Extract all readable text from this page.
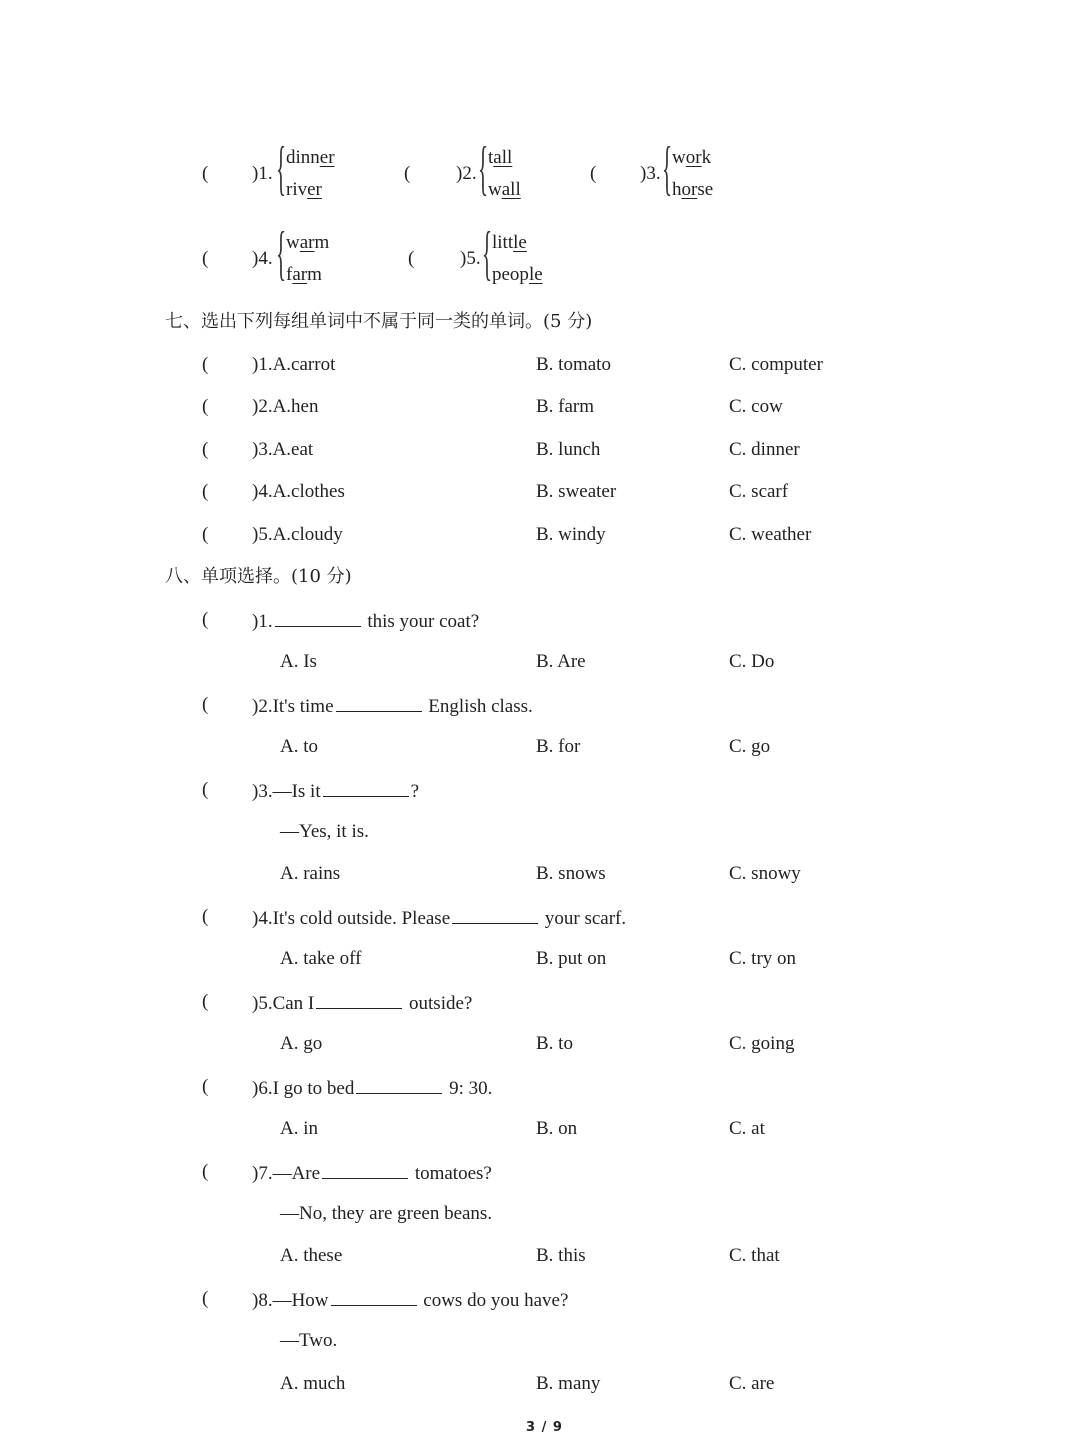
( )1. { dinner
river
( )2. { tall
wall
( )3. { work
horse
( )4. { warm
farm
( )5. { little
people
七、选出下列每组单词中不属于同一类的单词。(5 分)
( )1.A.carrot	B. tomato	C. computer
( )2.A.hen	B. farm	C. cow
( )3.A.eat	B. lunch	C. dinner
( )4.A.clothes	B. sweater	C. scarf
( )5.A.cloudy	B. windy	C. weather
八、单项选择。(10 分)
( )1.	this your coat?
A. Is	B. Are	C. Do
( )2.It's time	English class.
A. to	B. for	C. go
( )3.—Is it	?
—Yes, it is.
A. rains	B. snows	C. snowy
( )4.It's cold outside. Please	your scarf.
A. take off	B. put on	C. try on
( )5.Can I	outside?
A. go	B. to	C. going
( )6.I go to bed	9: 30.
A. in	B. on	C. at
( )7.—Are	tomatoes?
—No, they are green beans.
A. these	B. this	C. that
( )8.—How	cows do you have?
—Two.
A. much	B. many	C. are
3 / 9
